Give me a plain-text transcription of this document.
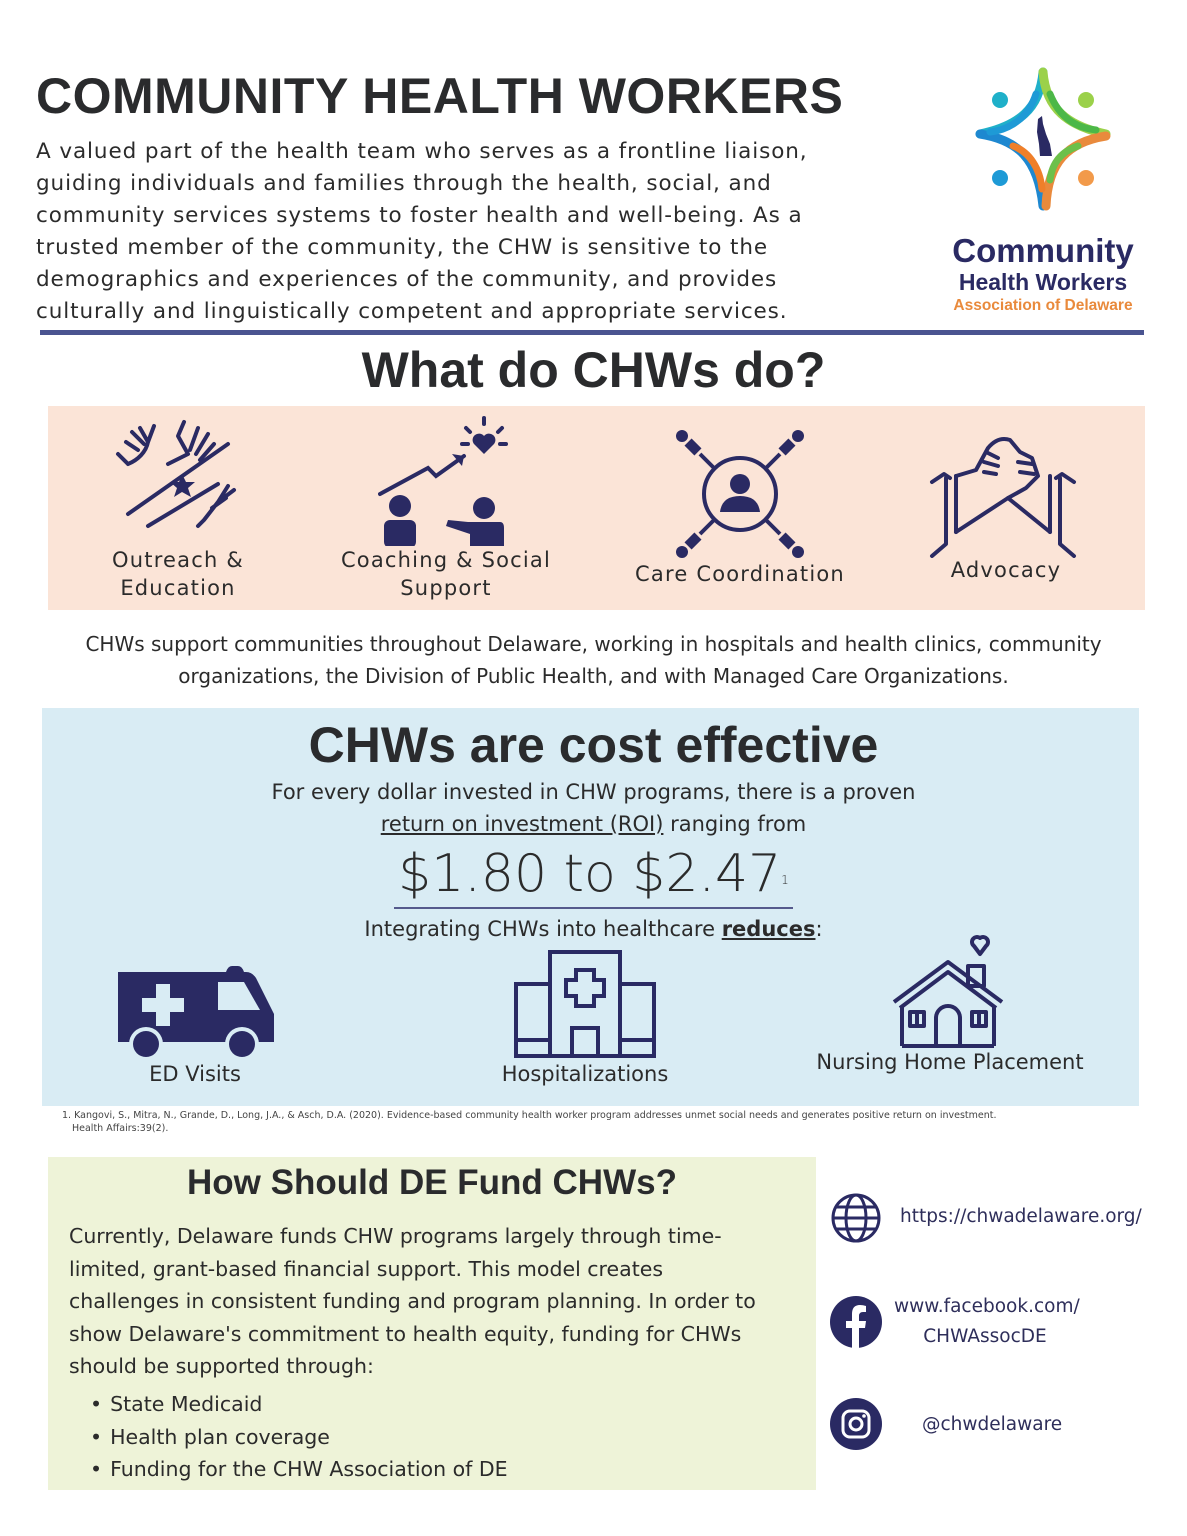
COMMUNITY HEALTH WORKERS
A valued part of the health team who serves as a frontline liaison,
guiding individuals and families through the health, social, and
community services systems to foster health and well-being. As a
trusted member of the community, the CHW is sensitive to the
demographics and experiences of the community, and provides
culturally and linguistically competent and appropriate services.
Community
Health Workers
Association of Delaware
What do CHWs do?
Outreach &
Education
Coaching & Social
Support
Care Coordination	Advocacy
CHWs support communities throughout Delaware, working in hospitals and health clinics, community
organizations, the Division of Public Health, and with Managed Care Organizations.
CHWs are cost effective
For every dollar invested in CHW programs, there is a proven
return on investment (ROI) ranging from
$1.80 to $2.47$^1$
Integrating CHWs into healthcare reduces:
ED Visits	Hospitalizations	Nursing Home Placement
1. Kangovi, S., Mitra, N., Grande, D., Long, J.A., & Asch, D.A. (2020). Evidence-based community health worker program addresses unmet social needs and generates positive return on investment.
Health Affairs:39(2).
How Should DE Fund CHWs?
Currently, Delaware funds CHW programs largely through time-
limited, grant-based financial support. This model creates
challenges in consistent funding and program planning. In order to
show Delaware's commitment to health equity, funding for CHWs
should be supported through:
• State Medicaid
• Health plan coverage
• Funding for the CHW Association of DE
https://chwadelaware.org/
www.facebook.com/
CHWAssocDE
@chwdelaware
